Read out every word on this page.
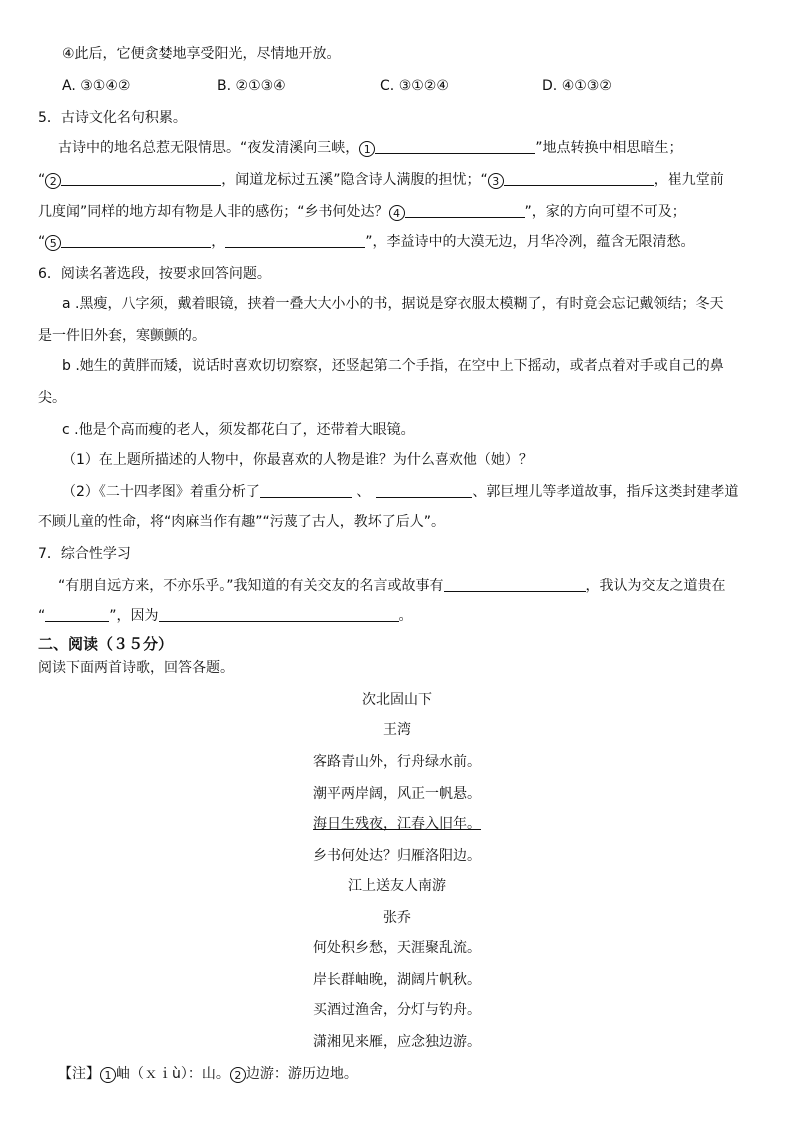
④此后，它便贪婪地享受阳光，尽情地开放。
A. ③①④②	B. ②①③④	C. ③①②④	D. ④①③②
5．古诗文化名句积累。
古诗中的地名总惹无限情思。“夜发清溪向三峡， 1	”地点转换中相思暗生；
“ 2	，闻道龙标过五溪”隐含诗人满腹的担忧；“ 3	，崔九堂前
几度闻”同样的地方却有物是人非的感伤；“乡书何处达？ 4	”，家的方向可望不可及；
“ 5	，	”，李益诗中的大漠无边，月华冷冽，蕴含无限清愁。
6．阅读名著选段，按要求回答问题。
a .黑瘦，八字须，戴着眼镜，挟着一叠大大小小的书，据说是穿衣服太模糊了，有时竟会忘记戴领结；冬天
是一件旧外套，寒颤颤的。
b .她生的黄胖而矮，说话时喜欢切切察察，还竖起第二个手指，在空中上下摇动，或者点着对手或自己的鼻
尖。
c .他是个高而瘦的老人，须发都花白了，还带着大眼镜。
（1）在上题所描述的人物中，你最喜欢的人物是谁？为什么喜欢他（她）？
（2）《二十四孝图》着重分析了	、	、郭巨埋儿等孝道故事，指斥这类封建孝道
不顾儿童的性命，将“肉麻当作有趣”“污蔑了古人，教坏了后人”。
7．综合性学习
“有朋自远方来，不亦乐乎。”我知道的有关交友的名言或故事有	，我认为交友之道贵在
“	”，因为	。
二、阅读（３５分）
阅读下面两首诗歌，回答各题。
次北固山下
王湾
客路青山外，行舟绿水前。
潮平两岸阔，风正一帆悬。
海日生残夜，江春入旧年。
乡书何处达？归雁洛阳边。
江上送友人南游
张乔
何处积乡愁，天涯聚乱流。
岸长群岫晚，湖阔片帆秋。
买酒过渔舍，分灯与钓舟。
潇湘见来雁，应念独边游。
【注】 1 岫（ｘｉù）：山。 2 边游：游历边地。
